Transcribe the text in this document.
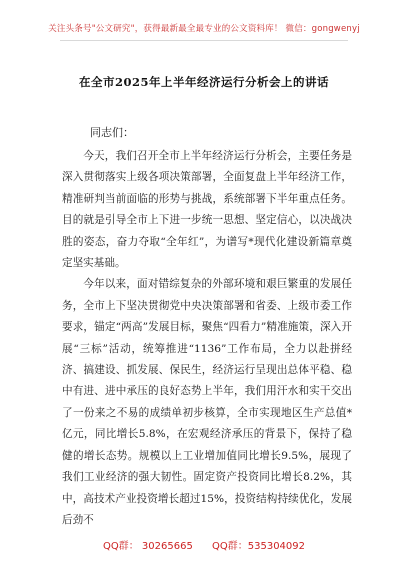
关注头条号"公文研究"，获得最新最全最专业的公文资料库！ 微信：gongwenyj
在全市2025年上半年经济运行分析会上的讲话
同志们：

今天，我们召开全市上半年经济运行分析会，主要任务是深入贯彻落实上级各项决策部署，全面复盘上半年经济工作，精准研判当前面临的形势与挑战，系统部署下半年重点任务。目的就是引导全市上下进一步统一思想、坚定信心，以决战决胜的姿态，奋力夺取“全年红”，为谱写*现代化建设新篇章奠定坚实基础。

今年以来，面对错综复杂的外部环境和艰巨繁重的发展任务，全市上下坚决贯彻党中央决策部署和省委、上级市委工作要求，锚定“两高”发展目标，聚焦“四看力”精准施策，深入开展“三标”活动，统筹推进“1136”工作布局，全力以赴拼经济、搞建设、抓发展、保民生，经济运行呈现出总体平稳、稳中有进、进中承压的良好态势上半年，我们用汗水和实干交出了一份来之不易的成绩单初步核算，全市实现地区生产总值*亿元，同比增长5.8%，在宏观经济承压的背景下，保持了稳健的增长态势。规模以上工业增加值同比增长9.5%，展现了我们工业经济的强大韧性。固定资产投资同比增长8.2%，其中，高技术产业投资增长超过15%，投资结构持续优化，发展后劲不

QQ群： 30265665 QQ群：535304092
